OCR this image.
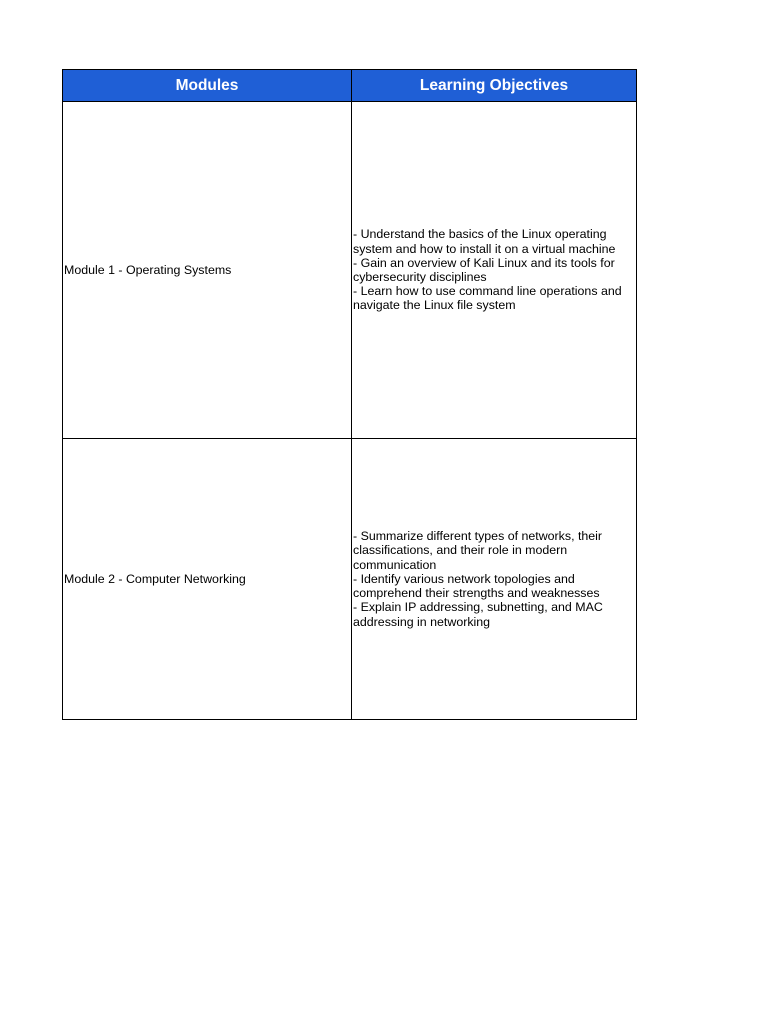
Modules	Learning Objectives
Module 1 - Operating Systems	- Understand the basics of the Linux operating system and how to install it on a virtual machine
- Gain an overview of Kali Linux and its tools for cybersecurity disciplines
- Learn how to use command line operations and navigate the Linux file system

Module 2 - Computer Networking	- Summarize different types of networks, their classifications, and their role in modern communication
- Identify various network topologies and comprehend their strengths and weaknesses
- Explain IP addressing, subnetting, and MAC addressing in networking
